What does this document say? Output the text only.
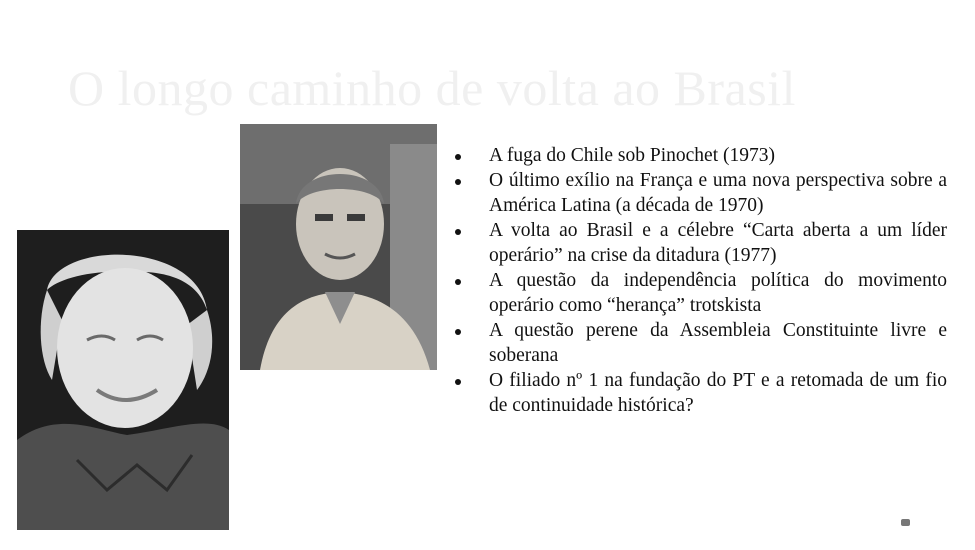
O longo caminho de volta ao Brasil
A fuga do Chile sob Pinochet (1973)
O último exílio na França e uma nova perspectiva sobre a América Latina (a década de 1970)
A volta ao Brasil e a célebre “Carta aberta a um líder operário” na crise da ditadura (1977)
A questão da independência política do movimento operário como “herança” trotskista
A questão perene da Assembleia Constituinte livre e soberana
O filiado nº 1 na fundação do PT e a retomada de um fio de continuidade histórica?
